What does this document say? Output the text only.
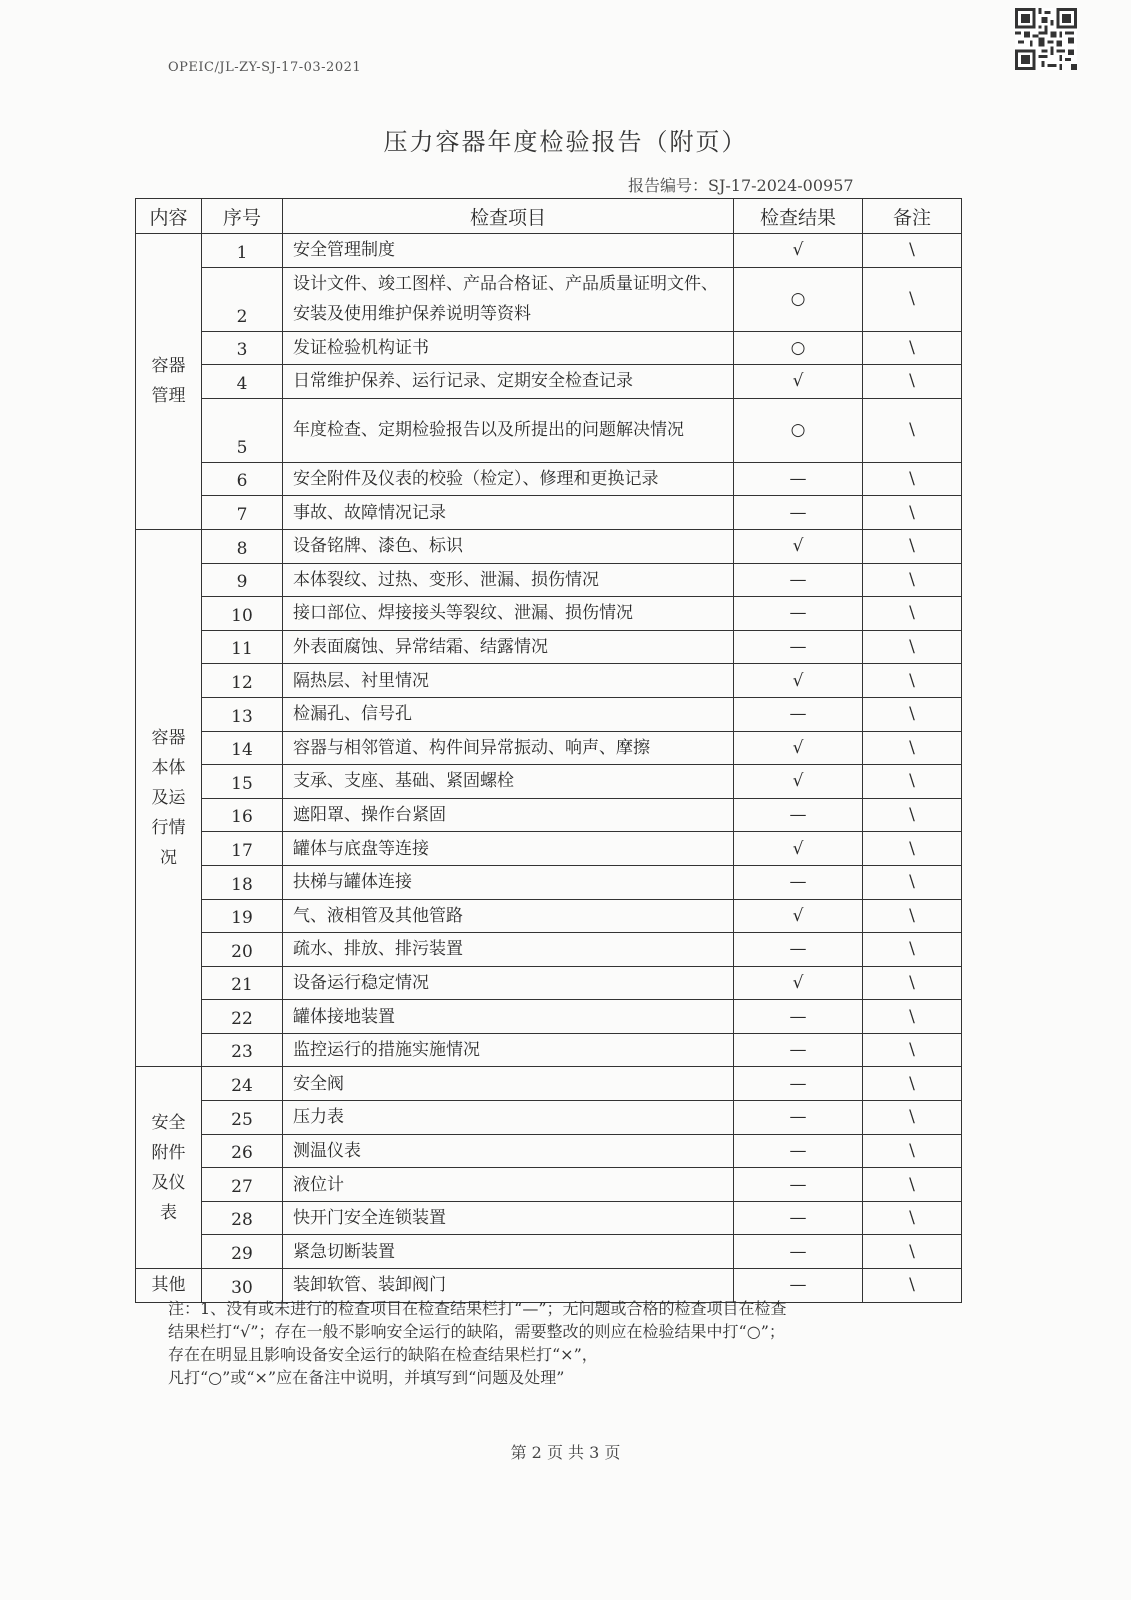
OPEIC/JL-ZY-SJ-17-03-2021
压力容器年度检验报告（附页）
报告编号：SJ-17-2024-00957
内容	序号	检查项目	检查结果	备注
容器管理	1	安全管理制度	√	\
	2	设计文件、竣工图样、产品合格证、产品质量证明文件、安装及使用维护保养说明等资料	○	\
	3	发证检验机构证书	○	\
	4	日常维护保养、运行记录、定期安全检查记录	√	\
	5	年度检查、定期检验报告以及所提出的问题解决情况	○	\
	6	安全附件及仪表的校验（检定）、修理和更换记录	—	\
	7	事故、故障情况记录	—	\
容器本体及运行情况	8	设备铭牌、漆色、标识	√	\
	9	本体裂纹、过热、变形、泄漏、损伤情况	—	\
	10	接口部位、焊接接头等裂纹、泄漏、损伤情况	—	\
	11	外表面腐蚀、异常结霜、结露情况	—	\
	12	隔热层、衬里情况	√	\
	13	检漏孔、信号孔	—	\
	14	容器与相邻管道、构件间异常振动、响声、摩擦	√	\
	15	支承、支座、基础、紧固螺栓	√	\
	16	遮阳罩、操作台紧固	—	\
	17	罐体与底盘等连接	√	\
	18	扶梯与罐体连接	—	\
	19	气、液相管及其他管路	√	\
	20	疏水、排放、排污装置	—	\
	21	设备运行稳定情况	√	\
	22	罐体接地装置	—	\
	23	监控运行的措施实施情况	—	\
安全附件及仪表	24	安全阀	—	\
	25	压力表	—	\
	26	测温仪表	—	\
	27	液位计	—	\
	28	快开门安全连锁装置	—	\
	29	紧急切断装置	—	\
其他	30	装卸软管、装卸阀门	—	\
注：1、没有或未进行的检查项目在检查结果栏打“—”；无问题或合格的检查项目在检查
结果栏打“√”；存在一般不影响安全运行的缺陷，需要整改的则应在检验结果中打“○”；
存在在明显且影响设备安全运行的缺陷在检查结果栏打“×”，
凡打“○”或“×”应在备注中说明，并填写到“问题及处理”
第 2 页 共 3 页
